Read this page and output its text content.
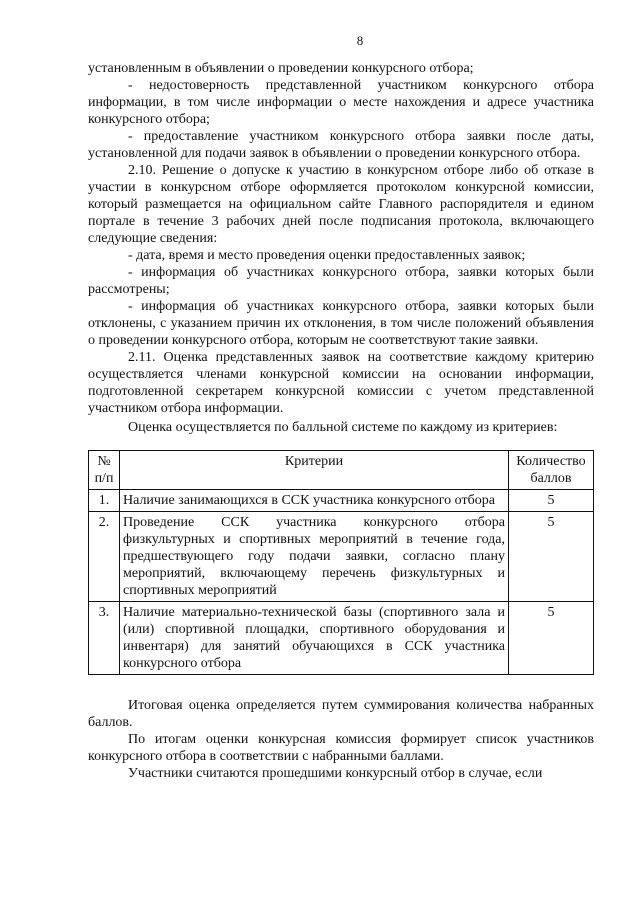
8

установленным в объявлении о проведении конкурсного отбора;

- недостоверность представленной участником конкурсного отбора информации, в том числе информации о месте нахождения и адресе участника конкурсного отбора;

- предоставление участником конкурсного отбора заявки после даты, установленной для подачи заявок в объявлении о проведении конкурсного отбора.

2.10. Решение о допуске к участию в конкурсном отборе либо об отказе в участии в конкурсном отборе оформляется протоколом конкурсной комиссии, который размещается на официальном сайте Главного распорядителя и едином портале в течение 3 рабочих дней после подписания протокола, включающего следующие сведения:

- дата, время и место проведения оценки предоставленных заявок;

- информация об участниках конкурсного отбора, заявки которых были рассмотрены;

- информация об участниках конкурсного отбора, заявки которых были отклонены, с указанием причин их отклонения, в том числе положений объявления о проведении конкурсного отбора, которым не соответствуют такие заявки.

2.11. Оценка представленных заявок на соответствие каждому критерию осуществляется членами конкурсной комиссии на основании информации, подготовленной секретарем конкурсной комиссии с учетом представленной участником отбора информации.

Оценка осуществляется по балльной системе по каждому из критериев:

№ п/п	Критерии	Количество баллов
1.	Наличие занимающихся в ССК участника конкурсного отбора	5
2.	Проведение ССК участника конкурсного отбора физкультурных и спортивных мероприятий в течение года, предшествующего году подачи заявки, согласно плану мероприятий, включающему перечень физкультурных и спортивных мероприятий	5
3.	Наличие материально-технической базы (спортивного зала и (или) спортивной площадки, спортивного оборудования и инвентаря) для занятий обучающихся в ССК участника конкурсного отбора	5

Итоговая оценка определяется путем суммирования количества набранных баллов.

По итогам оценки конкурсная комиссия формирует список участников конкурсного отбора в соответствии с набранными баллами.

Участники считаются прошедшими конкурсный отбор в случае, если
